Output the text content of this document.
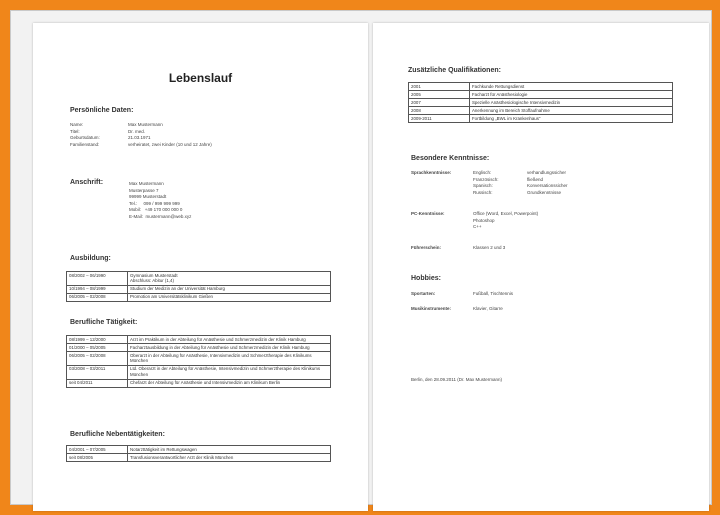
Lebenslauf
Persönliche Daten:
Name:	Max Mustermann
Titel:	Dr. med.
Geburtsdatum:	21.03.1971
Familienstand:	verheiratet, zwei Kinder (10 und 12 Jahre)
Anschrift:	Max Mustermann
Musterpasse 7
99999 Musterstadt
Tel.:     099 / 999 999 999
Mobil:   +49 170 000 000 0
E-Mail:  mustermann@web.xyz
Ausbildung:
08/2002 – 06/1990	Gymnasium Musterstadt
Abschluss: Abitur (1,4)
10/1994 – 08/1999	Studium der Medizin an der Universität Hamburg
06/2005 – 02/2008	Promotion am Universitätsklinikum Gießen
Berufliche Tätigkeit:
08/1999 – 12/2000	Arzt im Praktikum in der Abteilung für Anästhesie und Schmerzmedizin der Klinik Hamburg
01/2000 – 05/2005	Facharztausbildung in der Abteilung für Anästhesie und Schmerzmedizin der Klinik Hamburg
06/2005 – 02/2008	Oberarzt in der Abteilung für Anästhesie, Intensivmedizin und Schmerztherapie des Klinikums München
03/2008 – 03/2011	Ltd. Oberarzt in der Abteilung für Anästhesie, Intensivmedizin und Schmerztherapie des Klinikums München
seit 04/2011	Chefarzt der Abteilung für Anästhesie und Intensivmedizin am Klinikum Berlin
Berufliche Nebentätigkeiten:
04/2001 – 07/2005	Notarzttätigkeit im Rettungswagen
seit 08/2005	Transfusionsverantwortlicher Arzt der Klinik München

Zusätzliche Qualifikationen:
2001	Fachkunde Rettungsdienst
2005	Facharzt für Anästhesiologie
2007	Spezielle Anästhesiologische Intensivmedizin
2008	Anerkennung im Bereich Stoffaufnahme
2009-2011	Fortbildung „BWL im Krankenhaus“
Besondere Kenntnisse:
Sprachkenntnisse:	Englisch:	verhandlungssicher
Französisch:	fließend
Spanisch:	Konversationssicher
Russisch:	Grundkenntnisse
PC-Kenntnisse:	Office (Word, Excel, Powerpoint)
Photoshop
C++
Führerschein:	Klassen 2 und 3
Hobbies:
Sportarten:	Fußball, Tischtennis
Musikinstrumente:	Klavier, Gitarre
Berlin, den 28.09.2011 (Dr. Max Mustermann)
